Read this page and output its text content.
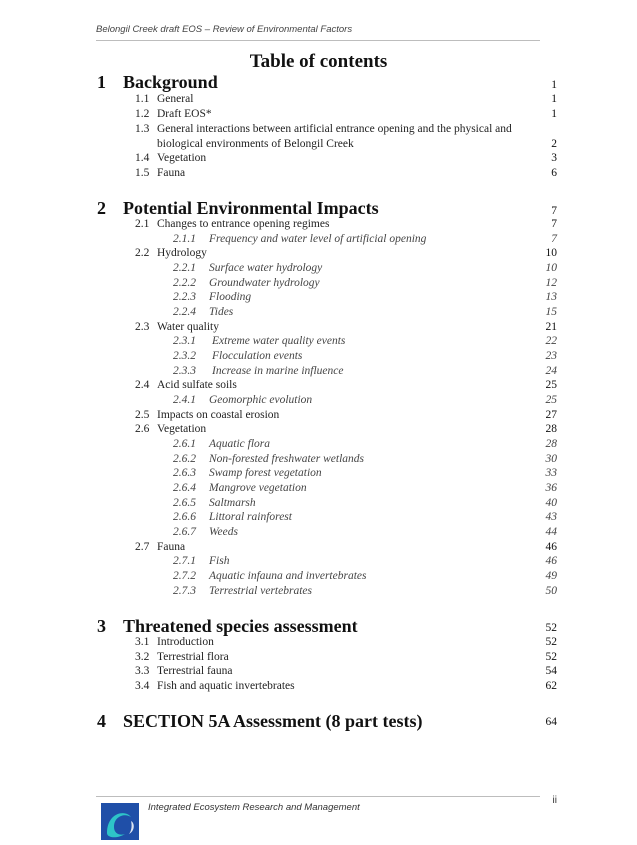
Belongil Creek draft EOS – Review of Environmental Factors
Table of contents
1 Background	1
1.1 General	1
1.2 Draft EOS*	1
1.3 General interactions between artificial entrance opening and the physical and
biological environments of Belongil Creek	2
1.4 Vegetation	3
1.5 Fauna	6
2 Potential Environmental Impacts	7
2.1 Changes to entrance opening regimes	7
2.1.1 Frequency and water level of artificial opening	7
2.2 Hydrology	10
2.2.1 Surface water hydrology	10
2.2.2 Groundwater hydrology	12
2.2.3 Flooding	13
2.2.4 Tides	15
2.3 Water quality	21
2.3.1 Extreme water quality events	22
2.3.2 Flocculation events	23
2.3.3 Increase in marine influence	24
2.4 Acid sulfate soils	25
2.4.1 Geomorphic evolution	25
2.5 Impacts on coastal erosion	27
2.6 Vegetation	28
2.6.1 Aquatic flora	28
2.6.2 Non-forested freshwater wetlands	30
2.6.3 Swamp forest vegetation	33
2.6.4 Mangrove vegetation	36
2.6.5 Saltmarsh	40
2.6.6 Littoral rainforest	43
2.6.7 Weeds	44
2.7 Fauna	46
2.7.1 Fish	46
2.7.2 Aquatic infauna and invertebrates	49
2.7.3 Terrestrial vertebrates	50
3 Threatened species assessment	52
3.1 Introduction	52
3.2 Terrestrial flora	52
3.3 Terrestrial fauna	54
3.4 Fish and aquatic invertebrates	62
4 SECTION 5A Assessment (8 part tests)	64
ii
Integrated Ecosystem Research and Management
